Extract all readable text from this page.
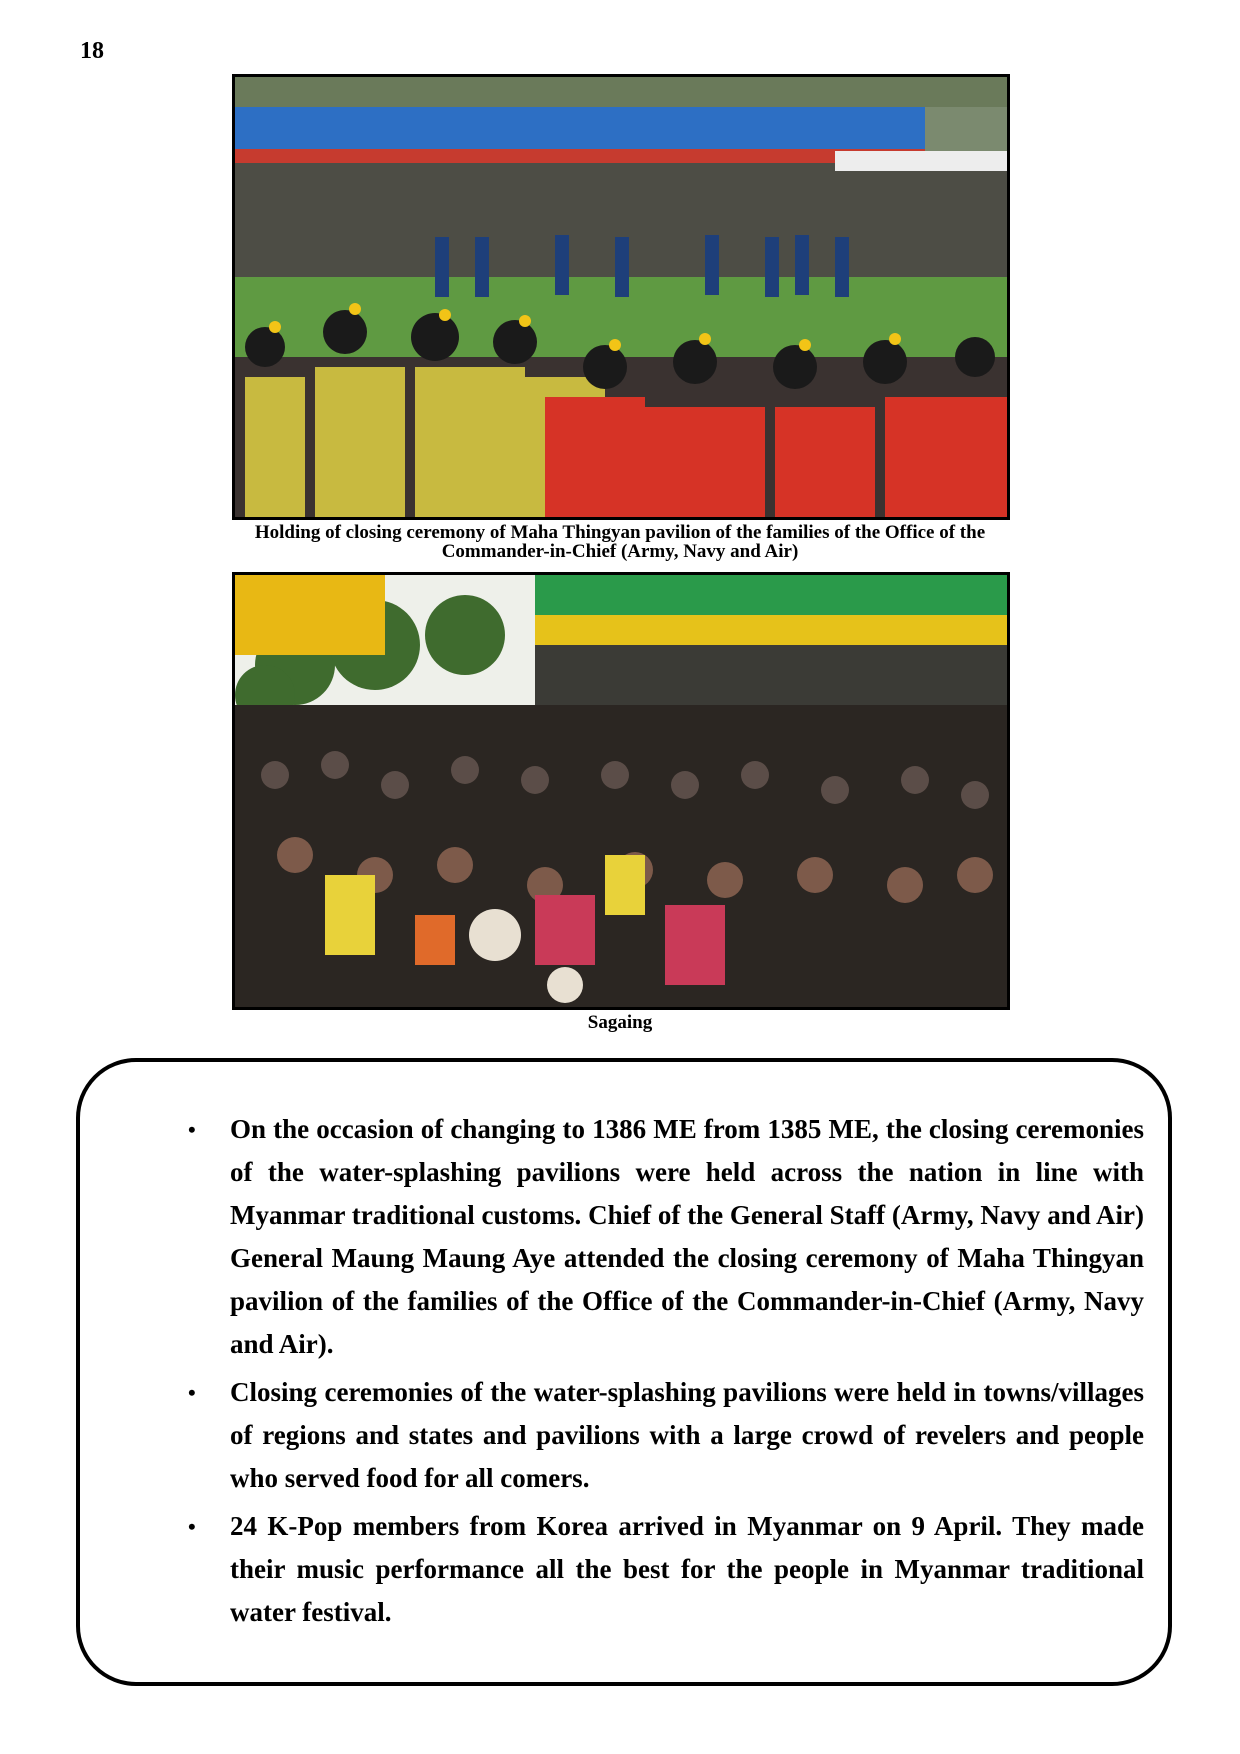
18
Holding of closing ceremony of Maha Thingyan pavilion of the families of the Office of the
Commander-in-Chief (Army, Navy and Air)
Sagaing
• On the occasion of changing to 1386 ME from 1385 ME, the closing ceremonies of the water-splashing pavilions were held across the nation in line with Myanmar traditional customs. Chief of the General Staff (Army, Navy and Air) General Maung Maung Aye attended the closing ceremony of Maha Thingyan pavilion of the families of the Office of the Commander-in-Chief (Army, Navy and Air).
• Closing ceremonies of the water-splashing pavilions were held in towns/villages of regions and states and pavilions with a large crowd of revelers and people who served food for all comers.
• 24 K-Pop members from Korea arrived in Myanmar on 9 April. They made their music performance all the best for the people in Myanmar traditional water festival.
